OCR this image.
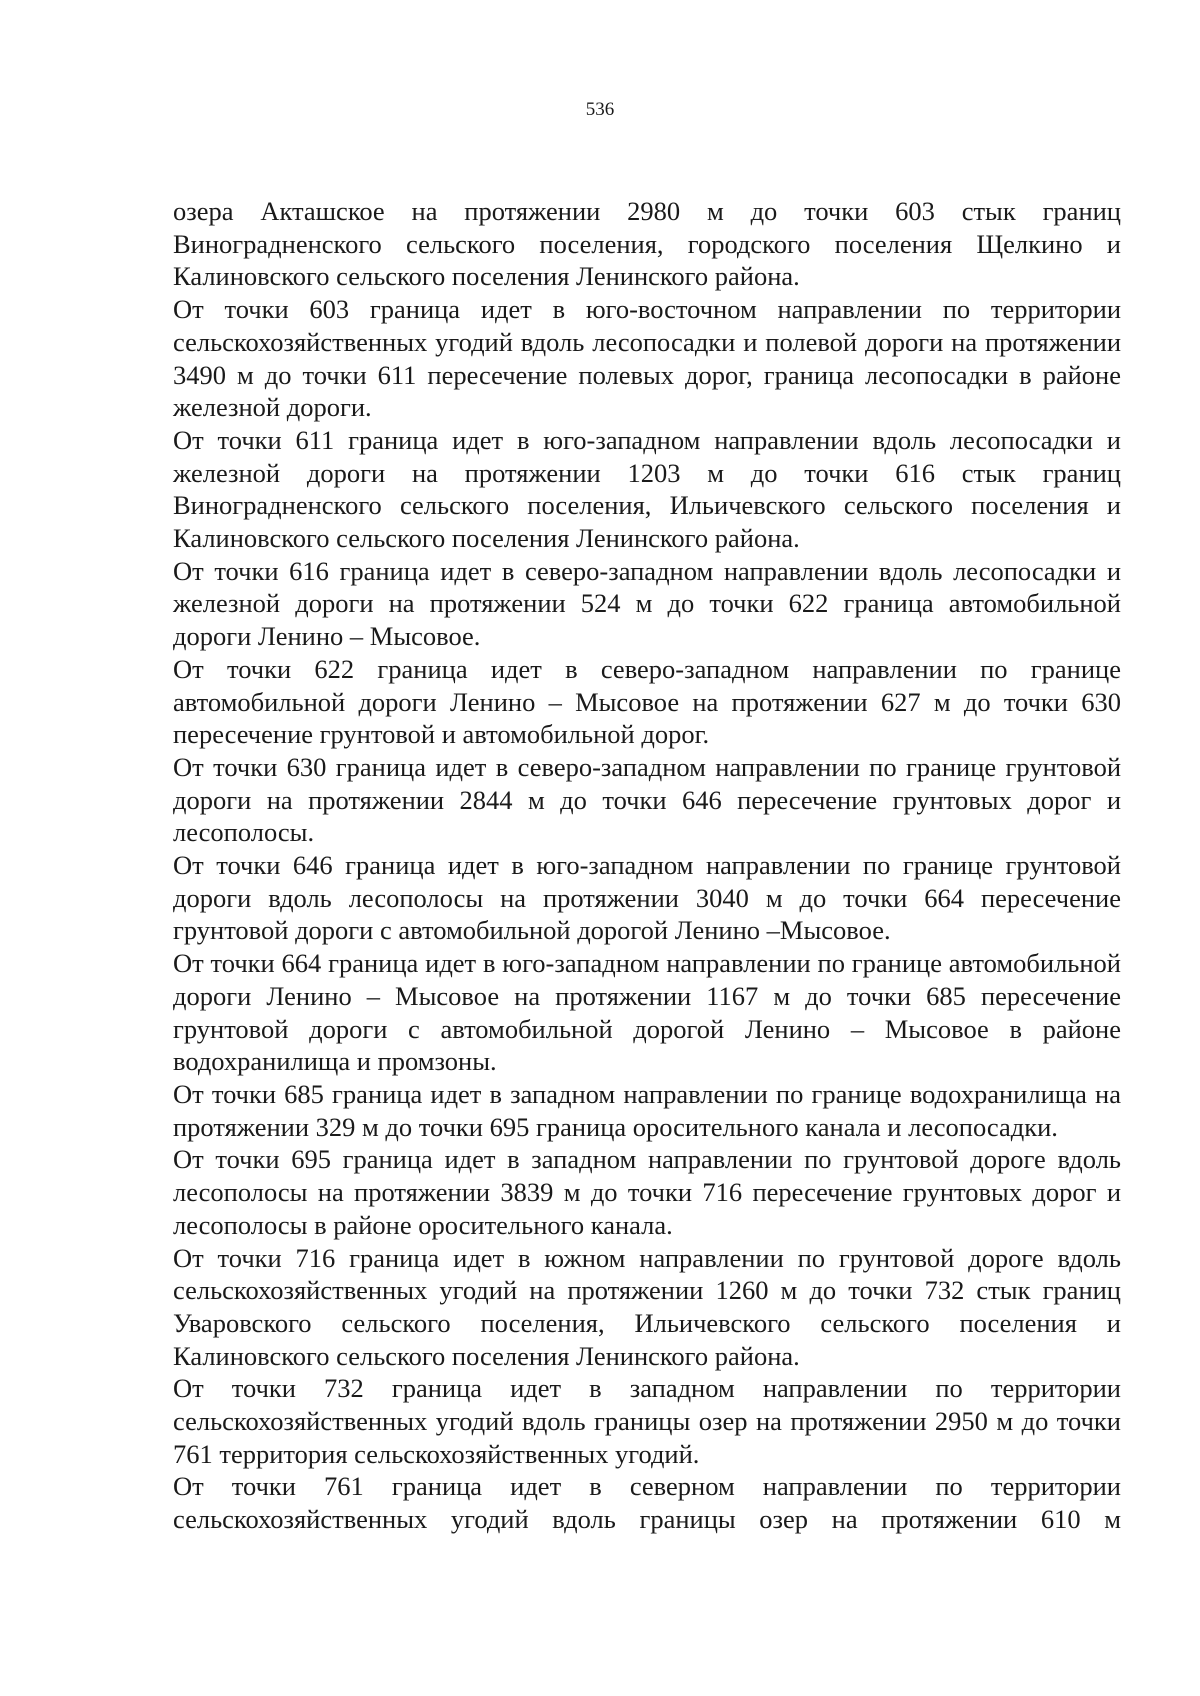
536

озера Акташское на протяжении 2980 м до точки 603 стык границ Виноградненского сельского поселения, городского поселения Щелкино и Калиновского сельского поселения Ленинского района.

От точки 603 граница идет в юго-восточном направлении по территории сельскохозяйственных угодий вдоль лесопосадки и полевой дороги на протяжении 3490 м до точки 611 пересечение полевых дорог, граница лесопосадки в районе железной дороги.

От точки 611 граница идет в юго-западном направлении вдоль лесопосадки и железной дороги на протяжении 1203 м до точки 616 стык границ Виноградненского сельского поселения, Ильичевского сельского поселения и Калиновского сельского поселения Ленинского района.

От точки 616 граница идет в северо-западном направлении вдоль лесопосадки и железной дороги на протяжении 524 м до точки 622 граница автомобильной дороги Ленино – Мысовое.

От точки 622 граница идет в северо-западном направлении по границе автомобильной дороги Ленино – Мысовое на протяжении 627 м до точки 630 пересечение грунтовой и автомобильной дорог.

От точки 630 граница идет в северо-западном направлении по границе грунтовой дороги на протяжении 2844 м до точки 646 пересечение грунтовых дорог и лесополосы.

От точки 646 граница идет в юго-западном направлении по границе грунтовой дороги вдоль лесополосы на протяжении 3040 м до точки 664 пересечение грунтовой дороги с автомобильной дорогой Ленино –Мысовое.

От точки 664 граница идет в юго-западном направлении по границе автомобильной дороги Ленино – Мысовое на протяжении 1167 м до точки 685 пересечение грунтовой дороги с автомобильной дорогой Ленино – Мысовое в районе водохранилища и промзоны.

От точки 685 граница идет в западном направлении по границе водохранилища на протяжении 329 м до точки 695 граница оросительного канала и лесопосадки.

От точки 695 граница идет в западном направлении по грунтовой дороге вдоль лесополосы на протяжении 3839 м до точки 716 пересечение грунтовых дорог и лесополосы в районе оросительного канала.

От точки 716 граница идет в южном направлении по грунтовой дороге вдоль сельскохозяйственных угодий на протяжении 1260 м до точки 732 стык границ Уваровского сельского поселения, Ильичевского сельского поселения и Калиновского сельского поселения Ленинского района.

От точки 732 граница идет в западном направлении по территории сельскохозяйственных угодий вдоль границы озер на протяжении 2950 м до точки 761 территория сельскохозяйственных угодий.

От точки 761 граница идет в северном направлении по территории сельскохозяйственных угодий вдоль границы озер на протяжении 610 м
